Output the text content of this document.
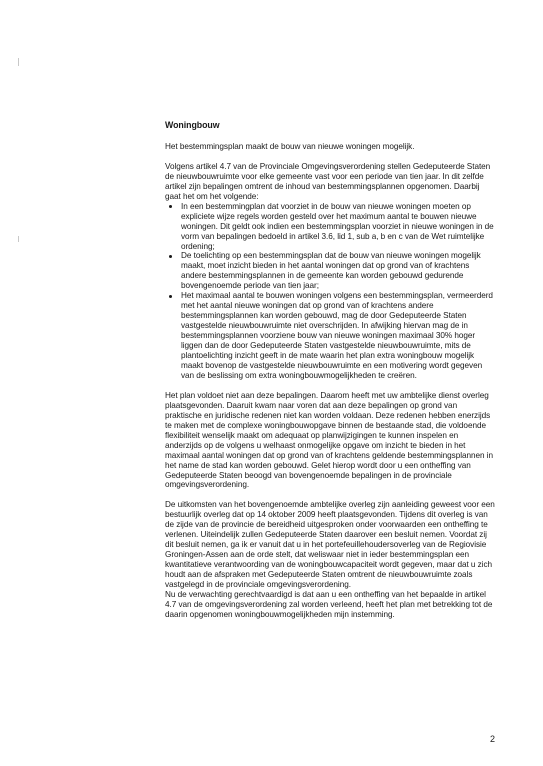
Woningbouw

Het bestemmingsplan maakt de bouw van nieuwe woningen mogelijk.

Volgens artikel 4.7 van de Provinciale Omgevingsverordening stellen Gedeputeerde Staten de nieuwbouwruimte voor elke gemeente vast voor een periode van tien jaar. In dit zelfde artikel zijn bepalingen omtrent de inhoud van bestemmingsplannen opgenomen. Daarbij gaat het om het volgende:

In een bestemmingplan dat voorziet in de bouw van nieuwe woningen moeten op expliciete wijze regels worden gesteld over het maximum aantal te bouwen nieuwe woningen. Dit geldt ook indien een bestemmingsplan voorziet in nieuwe woningen in de vorm van bepalingen bedoeld in artikel 3.6, lid 1, sub a, b en c van de Wet ruimtelijke ordening;
De toelichting op een bestemmingsplan dat de bouw van nieuwe woningen mogelijk maakt, moet inzicht bieden in het aantal woningen dat op grond van of krachtens andere bestemmingsplannen in de gemeente kan worden gebouwd gedurende bovengenoemde periode van tien jaar;
Het maximaal aantal te bouwen woningen volgens een bestemmingsplan, vermeerderd met het aantal nieuwe woningen dat op grond van of krachtens andere bestemmingsplannen kan worden gebouwd, mag de door Gedeputeerde Staten vastgestelde nieuwbouwruimte niet overschrijden. In afwijking hiervan mag de in bestemmingsplannen voorziene bouw van nieuwe woningen maximaal 30% hoger liggen dan de door Gedeputeerde Staten vastgestelde nieuwbouwruimte, mits de plantoelichting inzicht geeft in de mate waarin het plan extra woningbouw mogelijk maakt bovenop de vastgestelde nieuwbouwruimte en een motivering wordt gegeven van de beslissing om extra woningbouwmogelijkheden te creëren.

Het plan voldoet niet aan deze bepalingen. Daarom heeft met uw ambtelijke dienst overleg plaatsgevonden. Daaruit kwam naar voren dat aan deze bepalingen op grond van praktische en juridische redenen niet kan worden voldaan. Deze redenen hebben enerzijds te maken met de complexe woningbouwopgave binnen de bestaande stad, die voldoende flexibiliteit wenselijk maakt om adequaat op planwijzigingen te kunnen inspelen en anderzijds op de volgens u welhaast onmogelijke opgave om inzicht te bieden in het maximaal aantal woningen dat op grond van of krachtens geldende bestemmingsplannen in het name de stad kan worden gebouwd. Gelet hierop wordt door u een ontheffing van Gedeputeerde Staten beoogd van bovengenoemde bepalingen in de provinciale omgevingsverordening.

De uitkomsten van het bovengenoemde ambtelijke overleg zijn aanleiding geweest voor een bestuurlijk overleg dat op 14 oktober 2009 heeft plaatsgevonden. Tijdens dit overleg is van de zijde van de provincie de bereidheid uitgesproken onder voorwaarden een ontheffing te verlenen. Uiteindelijk zullen Gedeputeerde Staten daarover een besluit nemen. Voordat zij dit besluit nemen, ga ik er vanuit dat u in het portefeuillehoudersoverleg van de Regiovisie Groningen-Assen aan de orde stelt, dat weliswaar niet in ieder bestemmingsplan een kwantitatieve verantwoording van de woningbouwcapaciteit wordt gegeven, maar dat u zich houdt aan de afspraken met Gedeputeerde Staten omtrent de nieuwbouwruimte zoals vastgelegd in de provinciale omgevingsverordening.

Nu de verwachting gerechtvaardigd is dat aan u een ontheffing van het bepaalde in artikel 4.7 van de omgevingsverordening zal worden verleend, heeft het plan met betrekking tot de daarin opgenomen woningbouwmogelijkheden mijn instemming.

2
